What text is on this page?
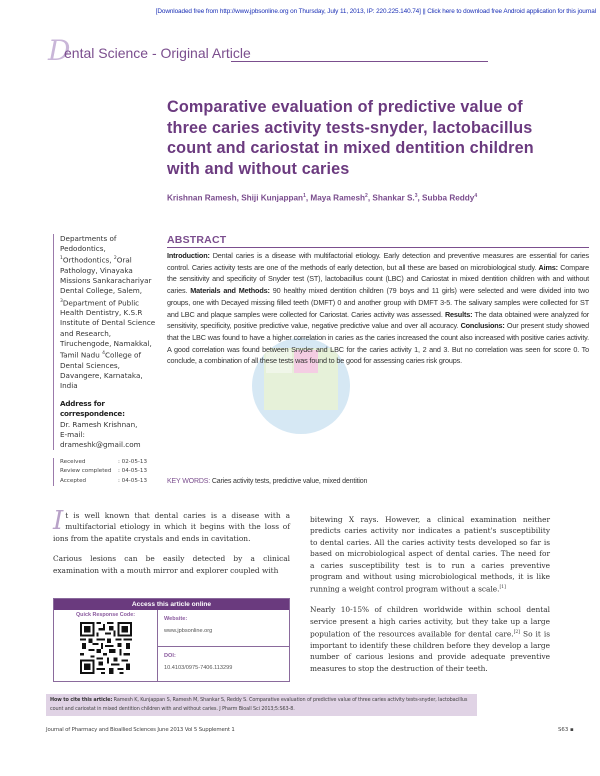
[Downloaded free from http://www.jpbsonline.org on Thursday, July 11, 2013, IP: 220.225.140.74] || Click here to download free Android application for this journal
D
ental Science - Original Article
Comparative evaluation of predictive value of three caries activity tests-snyder, lactobacillus count and cariostat in mixed dentition children with and without caries
Krishnan Ramesh, Shiji Kunjappan$^1$, Maya Ramesh$^2$, Shankar S.$^3$, Subba Reddy$^4$
Departments of Pedodontics, $^1$Orthodontics, $^2$Oral Pathology, Vinayaka Missions Sankarachariyar Dental College, Salem, $^3$Department of Public Health Dentistry, K.S.R Institute of Dental Science and Research, Tiruchengode, Namakkal, Tamil Nadu $^4$College of Dental Sciences, Davangere, Karnataka, India
Address for correspondence:
Dr. Ramesh Krishnan,
E-mail: drameshk@gmail.com
Received	: 02-05-13
Review completed	: 04-05-13
Accepted	: 04-05-13
ABSTRACT
Introduction: Dental caries is a disease with multifactorial etiology. Early detection and preventive measures are essential for caries control. Caries activity tests are one of the methods of early detection, but all these are based on microbiological study. Aims: Compare the sensitivity and specificity of Snyder test (ST), lactobacillus count (LBC) and Cariostat in mixed dentition children with and without caries. Materials and Methods: 90 healthy mixed dentition children (79 boys and 11 girls) were selected and were divided into two groups, one with Decayed missing filled teeth (DMFT) 0 and another group with DMFT 3-5. The salivary samples were collected for ST and LBC and plaque samples were collected for Cariostat. Caries activity was assessed. Results: The data obtained were analyzed for sensitivity, specificity, positive predictive value, negative predictive value and over all accuracy. Conclusions: Our present study showed that the LBC was found to have a higher correlation in caries as the caries increased the count also increased with positive caries activity. A good correlation was found between Snyder and LBC for the caries activity 1, 2 and 3. But no correlation was seen for score 0. To conclude, a combination of all these tests was found to be good for assessing caries risk groups.
KEY WORDS: Caries activity tests, predictive value, mixed dentition

It is well known that dental caries is a disease with a multifactorial etiology in which it begins with the loss of ions from the apatite crystals and ends in cavitation.

Carious lesions can be easily detected by a clinical examination with a mouth mirror and explorer coupled with

Access this article online
Quick Response Code:
Website:
www.jpbsonline.org
DOI:
10.4103/0975-7406.113299

bitewing X rays. However, a clinical examination neither predicts caries activity nor indicates a patient's susceptibility to dental caries. All the caries activity tests developed so far is based on microbiological aspect of dental caries. The need for a caries susceptibility test is to run a caries preventive program and without using microbiological methods, it is like running a weight control program without a scale.[1]

Nearly 10-15% of children worldwide within school dental service present a high caries activity, but they take up a large population of the resources available for dental care.[2] So it is important to identify these children before they develop a large number of carious lesions and provide adequate preventive measures to stop the destruction of their teeth.

How to cite this article: Ramesh K, Kunjappan S, Ramesh M, Shankar S, Reddy S. Comparative evaluation of predictive value of three caries activity tests-snyder, lactobacillus count and cariostat in mixed dentition children with and without caries. J Pharm Bioall Sci 2013;5:S63-8.
Journal of Pharmacy and Bioallied Sciences June 2013 Vol 5 Supplement 1	S63 ▪
